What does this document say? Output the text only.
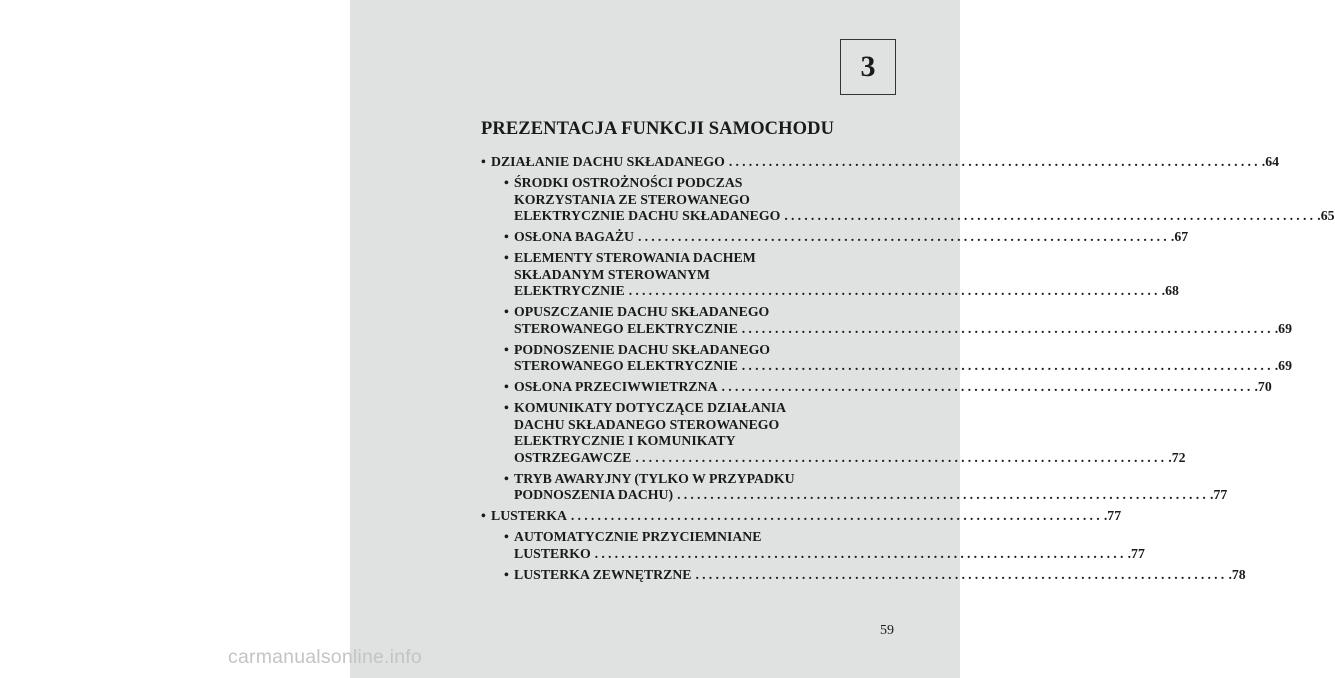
3
PREZENTACJA FUNKCJI SAMOCHODU
• DZIAŁANIE DACHU SKŁADANEGO ................................................................................ .64
• ŚRODKI OSTROŻNOŚCI PODCZAS
KORZYSTANIA ZE STEROWANEGO
ELEKTRYCZNIE DACHU SKŁADANEGO ................................................................................ .65
• OSŁONA BAGAŻU ................................................................................ .67
• ELEMENTY STEROWANIA DACHEM
SKŁADANYM STEROWANYM
ELEKTRYCZNIE ................................................................................ .68
• OPUSZCZANIE DACHU SKŁADANEGO
STEROWANEGO ELEKTRYCZNIE ................................................................................ .69
• PODNOSZENIE DACHU SKŁADANEGO
STEROWANEGO ELEKTRYCZNIE ................................................................................ .69
• OSŁONA PRZECIWWIETRZNA ................................................................................ .70
• KOMUNIKATY DOTYCZĄCE DZIAŁANIA
DACHU SKŁADANEGO STEROWANEGO
ELEKTRYCZNIE I KOMUNIKATY
OSTRZEGAWCZE ................................................................................ .72
• TRYB AWARYJNY (TYLKO W PRZYPADKU
PODNOSZENIA DACHU) ................................................................................ .77
• LUSTERKA ................................................................................ .77
• AUTOMATYCZNIE PRZYCIEMNIANE
LUSTERKO ................................................................................ .77
• LUSTERKA ZEWNĘTRZNE ................................................................................ .78
59
carmanualsonline.info
